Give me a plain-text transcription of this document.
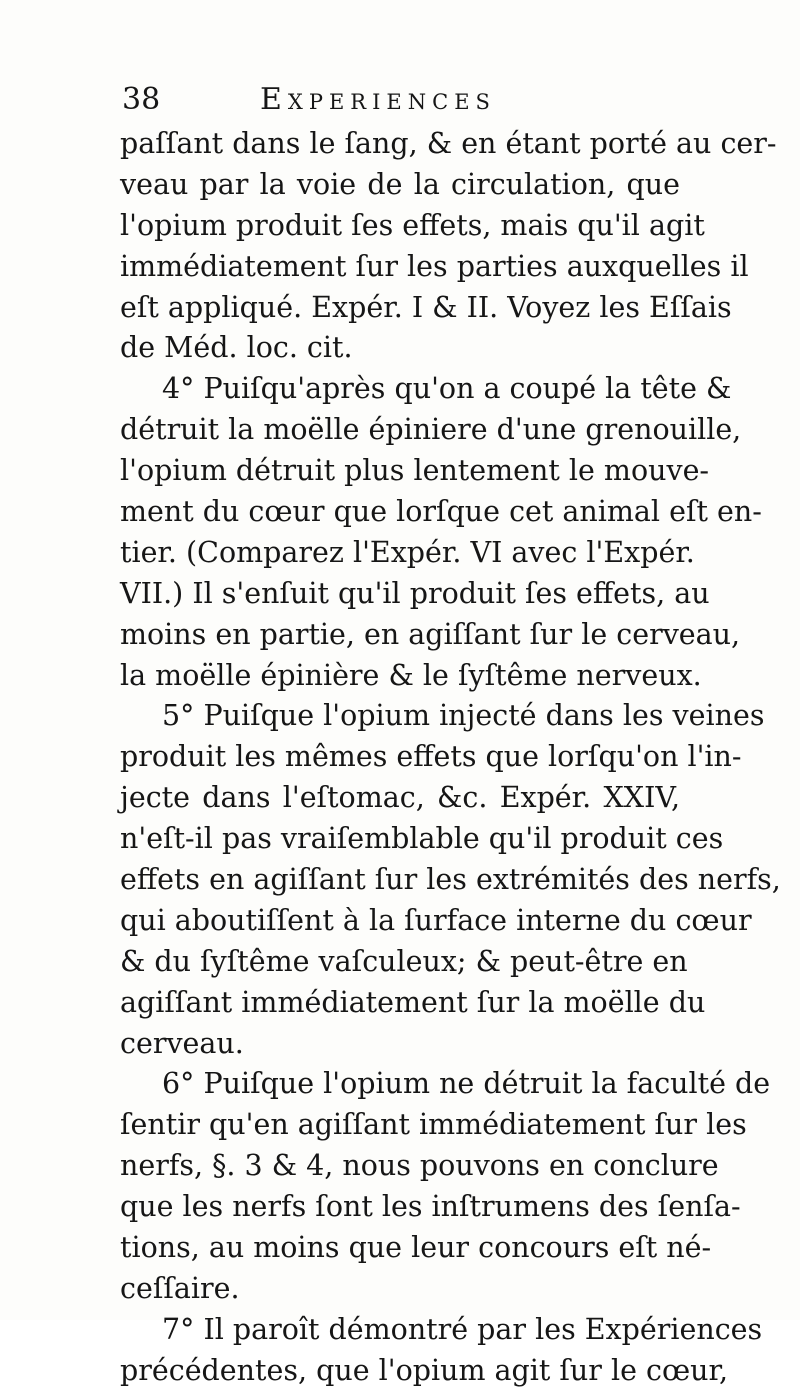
38	Experiences
paſſant dans le ſang, & en étant porté au cer-
veau par la voie de la circulation, que
l'opium produit ſes effets, mais qu'il agit
immédiatement ſur les parties auxquelles il
eſt appliqué. Expér. I & II. Voyez les Eſſais
de Méd. loc. cit.
4° Puiſqu'après qu'on a coupé la tête &
détruit la moëlle épiniere d'une grenouille,
l'opium détruit plus lentement le mouve-
ment du cœur que lorſque cet animal eſt en-
tier. (Comparez l'Expér. VI avec l'Expér.
VII.) Il s'enſuit qu'il produit ſes effets, au
moins en partie, en agiſſant ſur le cerveau,
la moëlle épinière & le ſyſtême nerveux.
5° Puiſque l'opium injecté dans les veines
produit les mêmes effets que lorſqu'on l'in-
jecte dans l'eſtomac, &c. Expér. XXIV,
n'eſt-il pas vraiſemblable qu'il produit ces
effets en agiſſant ſur les extrémités des nerfs,
qui aboutiſſent à la ſurface interne du cœur
& du ſyſtême vaſculeux; & peut-être en
agiſſant immédiatement ſur la moëlle du
cerveau.
6° Puiſque l'opium ne détruit la faculté de
ſentir qu'en agiſſant immédiatement ſur les
nerfs, §. 3 & 4, nous pouvons en conclure
que les nerfs ſont les inſtrumens des ſenſa-
tions, au moins que leur concours eſt né-
ceſſaire.
7° Il paroît démontré par les Expériences
précédentes, que l'opium agit ſur le cœur,
